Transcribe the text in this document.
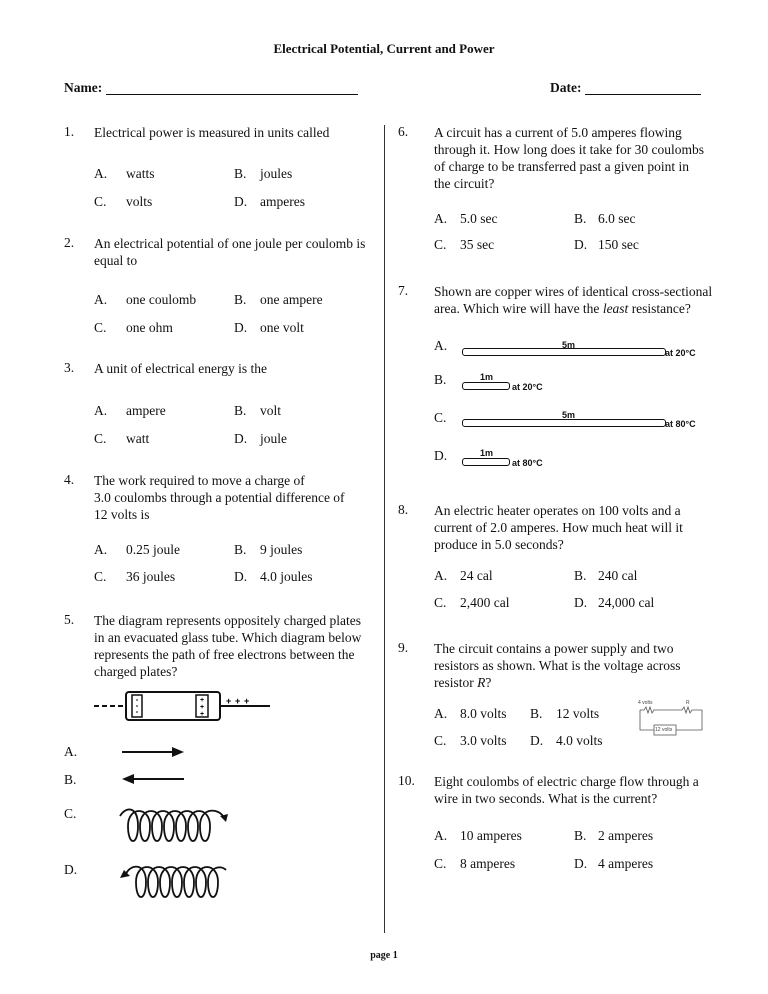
Electrical Potential, Current and Power
Name:	Date:
1. Electrical power is measured in units called
A. watts	B. joules
C. volts	D. amperes
2. An electrical potential of one joule per coulomb is
equal to
A. one coulomb	B. one ampere
C. one ohm	D. one volt
3. A unit of electrical energy is the
A. ampere	B. volt
C. watt	D. joule
4. The work required to move a charge of
3.0 coulombs through a potential difference of
12 volts is
A. 0.25 joule	B. 9 joules
C. 36 joules	D. 4.0 joules
5. The diagram represents oppositely charged plates
in an evacuated glass tube. Which diagram below
represents the path of free electrons between the
charged plates?
+
+
+
+ + +
A.
B.
C.
D.
6. A circuit has a current of 5.0 amperes flowing
through it. How long does it take for 30 coulombs
of charge to be transferred past a given point in
the circuit?
A. 5.0 sec	B. 6.0 sec
C. 35 sec	D. 150 sec
7. Shown are copper wires of identical cross-sectional
area. Which wire will have the least resistance?
A.	5m
at 20°C
B.	1m
at 20°C
C.	5m
at 80°C
D.	1m
at 80°C
8. An electric heater operates on 100 volts and a
current of 2.0 amperes. How much heat will it
produce in 5.0 seconds?
A. 24 cal	B. 240 cal
C. 2,400 cal	D. 24,000 cal
9. The circuit contains a power supply and two
resistors as shown. What is the voltage across
resistor R?
A. 8.0 volts B. 12 volts
C. 3.0 volts D. 4.0 volts
4 volts	R
12 volts
10. Eight coulombs of electric charge flow through a
wire in two seconds. What is the current?
A. 10 amperes	B. 2 amperes
C. 8 amperes	D. 4 amperes
page 1
